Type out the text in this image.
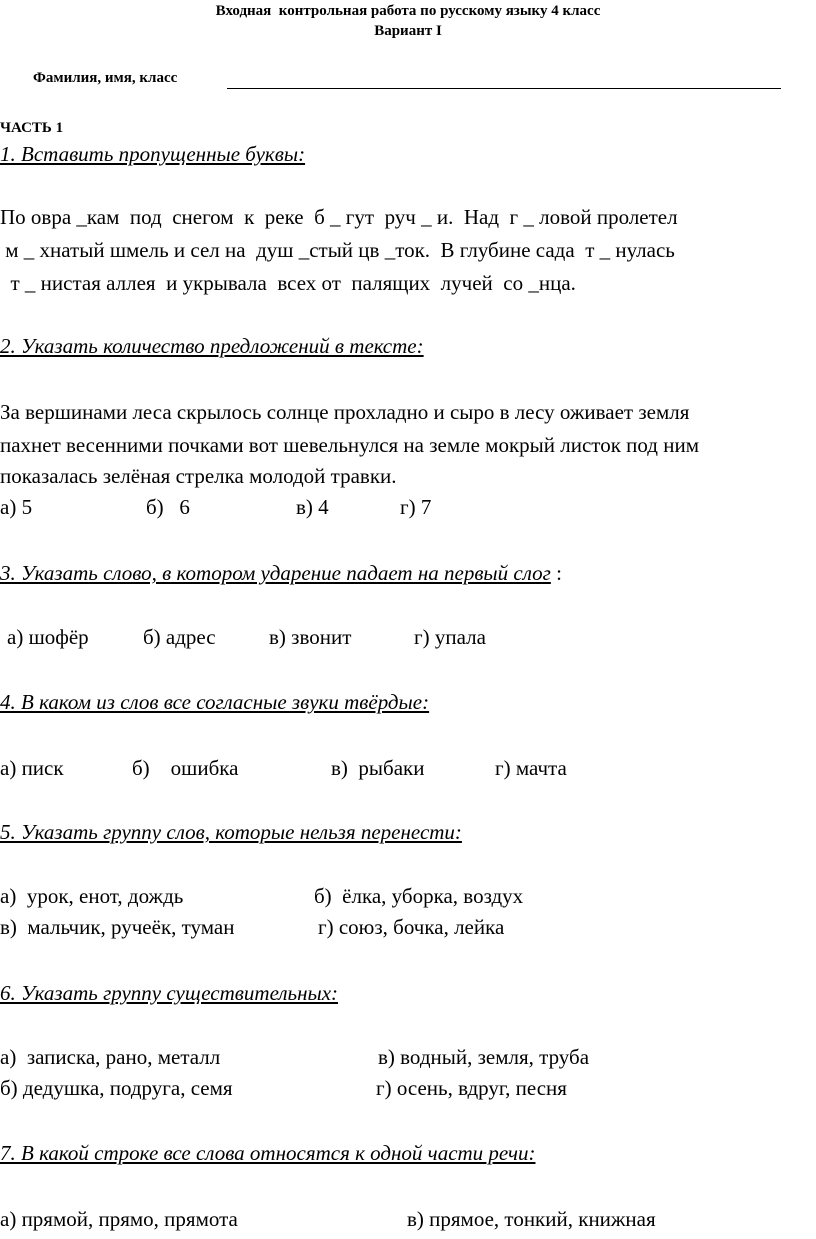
Входная  контрольная работа по русскому языку 4 класс
Вариант I
Фамилия, имя, класс
ЧАСТЬ 1
1. Вставить пропущенные буквы:
По овра _кам  под  снегом  к  реке  б _ гут  руч _ и.  Над  г _ ловой пролетел
м _ хнатый шмель и сел на  душ _стый цв _ток.  В глубине сада  т _ нулась
т _ нистая аллея  и укрывала  всех от  палящих  лучей  со _нца.
2. Указать количество предложений в тексте:
За вершинами леса скрылось солнце прохладно и сыро в лесу оживает земля
пахнет весенними почками вот шевельнулся на земле мокрый листок под ним
показалась зелёная стрелка молодой травки.
а) 5	б)   6	в) 4	г) 7
3. Указать слово, в котором ударение падает на первый слог :
а) шофёр	б) адрес	в) звонит	г) упала
4. В каком из слов все согласные звуки твёрдые:
а) писк	б)    ошибка	в)  рыбаки	г) мачта
5. Указать группу слов, которые нельзя перенести:
а)  урок, енот, дождь	б)  ёлка, уборка, воздух
в)  мальчик, ручеёк, туман	г) союз, бочка, лейка
6. Указать группу существительных:
а)  записка, рано, металл	в) водный, земля, труба
б) дедушка, подруга, семя	г) осень, вдруг, песня
7. В какой строке все слова относятся к одной части речи:
а) прямой, прямо, прямота	в) прямое, тонкий, книжная
